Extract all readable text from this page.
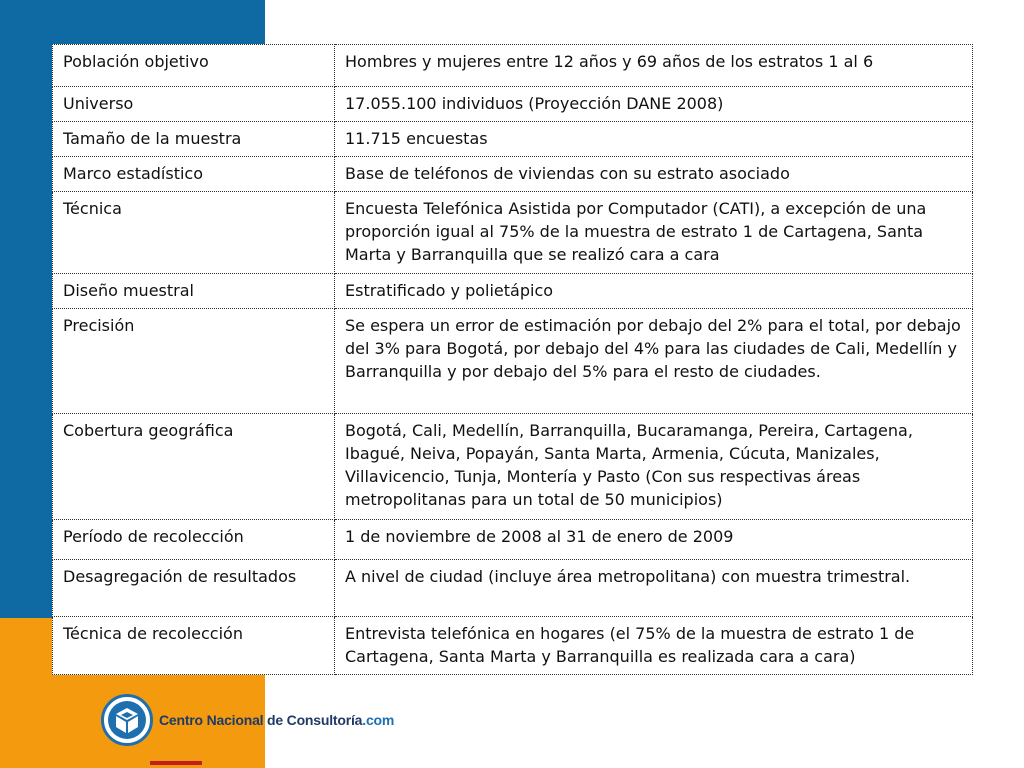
Población objetivo	Hombres y mujeres entre 12 años y 69 años de los estratos 1 al 6
Universo	17.055.100 individuos (Proyección DANE 2008)
Tamaño de la muestra	11.715 encuestas
Marco estadístico	Base de teléfonos de viviendas con su estrato asociado
Técnica	Encuesta Telefónica Asistida por Computador (CATI), a excepción de una proporción igual al 75% de la muestra de estrato 1 de Cartagena, Santa Marta y Barranquilla que se realizó cara a cara
Diseño muestral	Estratificado y polietápico
Precisión	Se espera un error de estimación por debajo del 2% para el total, por debajo del 3% para Bogotá, por debajo del 4% para las ciudades de Cali, Medellín y Barranquilla y por debajo del 5% para el resto de ciudades.
Cobertura geográfica	Bogotá, Cali, Medellín, Barranquilla, Bucaramanga, Pereira, Cartagena, Ibagué, Neiva, Popayán, Santa Marta, Armenia, Cúcuta, Manizales, Villavicencio, Tunja, Montería y Pasto (Con sus respectivas áreas metropolitanas para un total de 50 municipios)
Período de recolección	1 de noviembre de 2008 al 31 de enero de 2009
Desagregación de resultados	A nivel de ciudad (incluye área metropolitana) con muestra trimestral.
Técnica de recolección	Entrevista telefónica en hogares (el 75% de la muestra de estrato 1 de Cartagena, Santa Marta y Barranquilla es realizada cara a cara)
Centro Nacional de Consultoría.com
